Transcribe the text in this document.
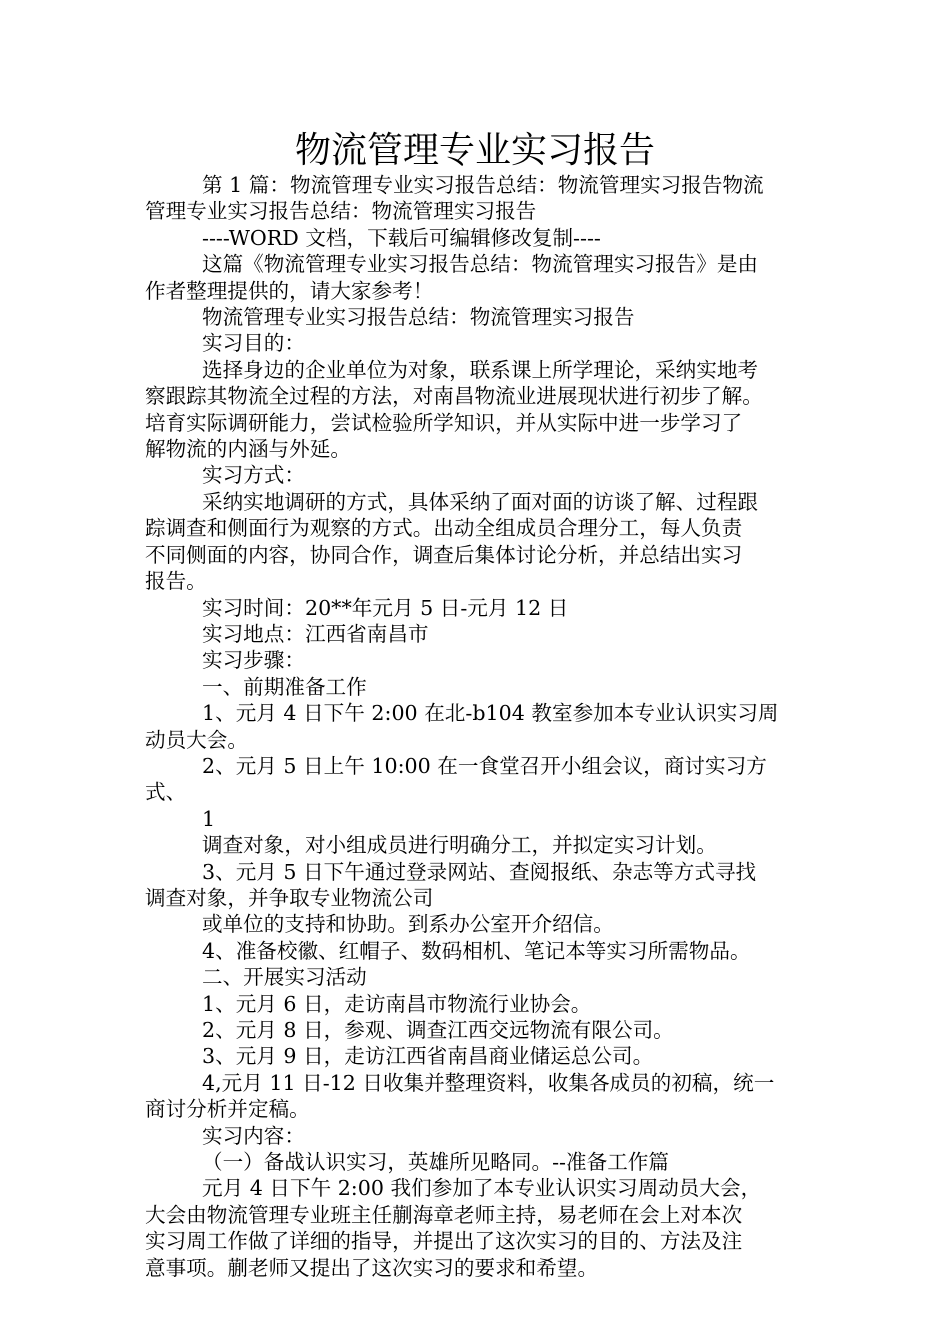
物流管理专业实习报告

第 1 篇：物流管理专业实习报告总结：物流管理实习报告物流
管理专业实习报告总结：物流管理实习报告

----WORD 文档，下载后可编辑修改复制----

这篇《物流管理专业实习报告总结：物流管理实习报告》是由
作者整理提供的，请大家参考！

物流管理专业实习报告总结：物流管理实习报告

实习目的：

选择身边的企业单位为对象，联系课上所学理论，采纳实地考
察跟踪其物流全过程的方法，对南昌物流业进展现状进行初步了解。
培育实际调研能力，尝试检验所学知识，并从实际中进一步学习了
解物流的内涵与外延。

实习方式：

采纳实地调研的方式，具体采纳了面对面的访谈了解、过程跟
踪调查和侧面行为观察的方式。出动全组成员合理分工，每人负责
不同侧面的内容，协同合作，调查后集体讨论分析，并总结出实习
报告。

实习时间：20**年元月 5 日-元月 12 日

实习地点：江西省南昌市

实习步骤：

一、前期准备工作

1、元月 4 日下午 2:00 在北-b104 教室参加本专业认识实习周
动员大会。

2、元月 5 日上午 10:00 在一食堂召开小组会议，商讨实习方
式、

1

调查对象，对小组成员进行明确分工，并拟定实习计划。

3、元月 5 日下午通过登录网站、查阅报纸、杂志等方式寻找
调查对象，并争取专业物流公司

或单位的支持和协助。到系办公室开介绍信。

4、准备校徽、红帽子、数码相机、笔记本等实习所需物品。

二、开展实习活动

1、元月 6 日，走访南昌市物流行业协会。

2、元月 8 日，参观、调查江西交远物流有限公司。

3、元月 9 日，走访江西省南昌商业储运总公司。

4,元月 11 日-12 日收集并整理资料，收集各成员的初稿，统一
商讨分析并定稿。

实习内容：

（一）备战认识实习，英雄所见略同。--准备工作篇

元月 4 日下午 2:00 我们参加了本专业认识实习周动员大会，
大会由物流管理专业班主任蒯海章老师主持，易老师在会上对本次
实习周工作做了详细的指导，并提出了这次实习的目的、方法及注
意事项。蒯老师又提出了这次实习的要求和希望。
